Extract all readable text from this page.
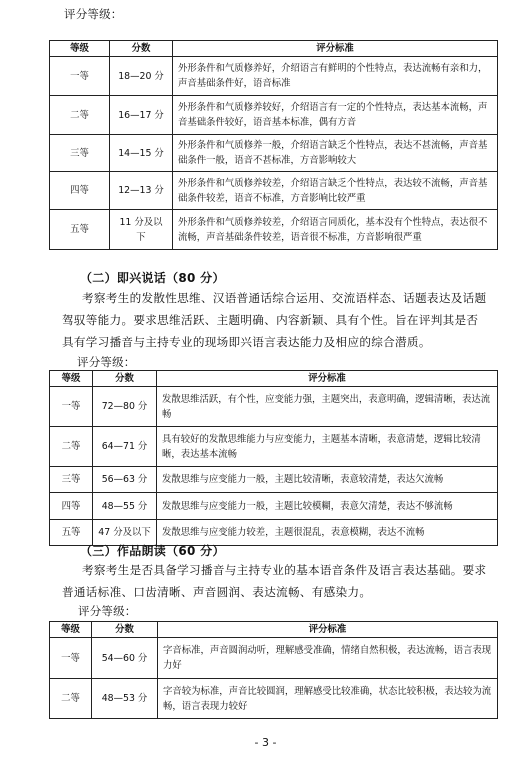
评分等级：
等级	分数	评分标准
一等	18—20 分	外形条件和气质修养好，介绍语言有鲜明的个性特点，表达流畅有亲和力，声音基础条件好，语音标准
二等	16—17 分	外形条件和气质修养较好，介绍语言有一定的个性特点，表达基本流畅，声音基础条件较好，语音基本标准，偶有方音
三等	14—15 分	外形条件和气质修养一般，介绍语言缺乏个性特点，表达不甚流畅，声音基础条件一般，语音不甚标准，方音影响较大
四等	12—13 分	外形条件和气质修养较差，介绍语言缺乏个性特点，表达较不流畅，声音基础条件较差，语音不标准，方音影响比较严重
五等	11 分及以下	外形条件和气质修养较差，介绍语言同质化，基本没有个性特点，表达很不流畅，声音基础条件较差，语音很不标准，方音影响很严重
（二）即兴说话（80 分）
考察考生的发散性思维、汉语普通话综合运用、交流语样态、话题表达及话题驾驭等能力。要求思维活跃、主题明确、内容新颖、具有个性。旨在评判其是否具有学习播音与主持专业的现场即兴语言表达能力及相应的综合潜质。
评分等级：
等级	分数	评分标准
一等	72—80 分	发散思维活跃，有个性，应变能力强，主题突出，表意明确，逻辑清晰，表达流畅
二等	64—71 分	具有较好的发散思维能力与应变能力，主题基本清晰，表意清楚，逻辑比较清晰，表达基本流畅
三等	56—63 分	发散思维与应变能力一般，主题比较清晰，表意较清楚，表达欠流畅
四等	48—55 分	发散思维与应变能力一般，主题比较模糊，表意欠清楚，表达不够流畅
五等	47 分及以下	发散思维与应变能力较差，主题很混乱，表意模糊，表达不流畅
（三）作品朗读（60 分）
考察考生是否具备学习播音与主持专业的基本语音条件及语言表达基础。要求普通话标准、口齿清晰、声音圆润、表达流畅、有感染力。
评分等级：
等级	分数	评分标准
一等	54—60 分	字音标准，声音圆润动听，理解感受准确，情绪自然积极，表达流畅，语言表现力好
二等	48—53 分	字音较为标准，声音比较圆润，理解感受比较准确，状态比较积极，表达较为流畅，语言表现力较好
- 3 -
